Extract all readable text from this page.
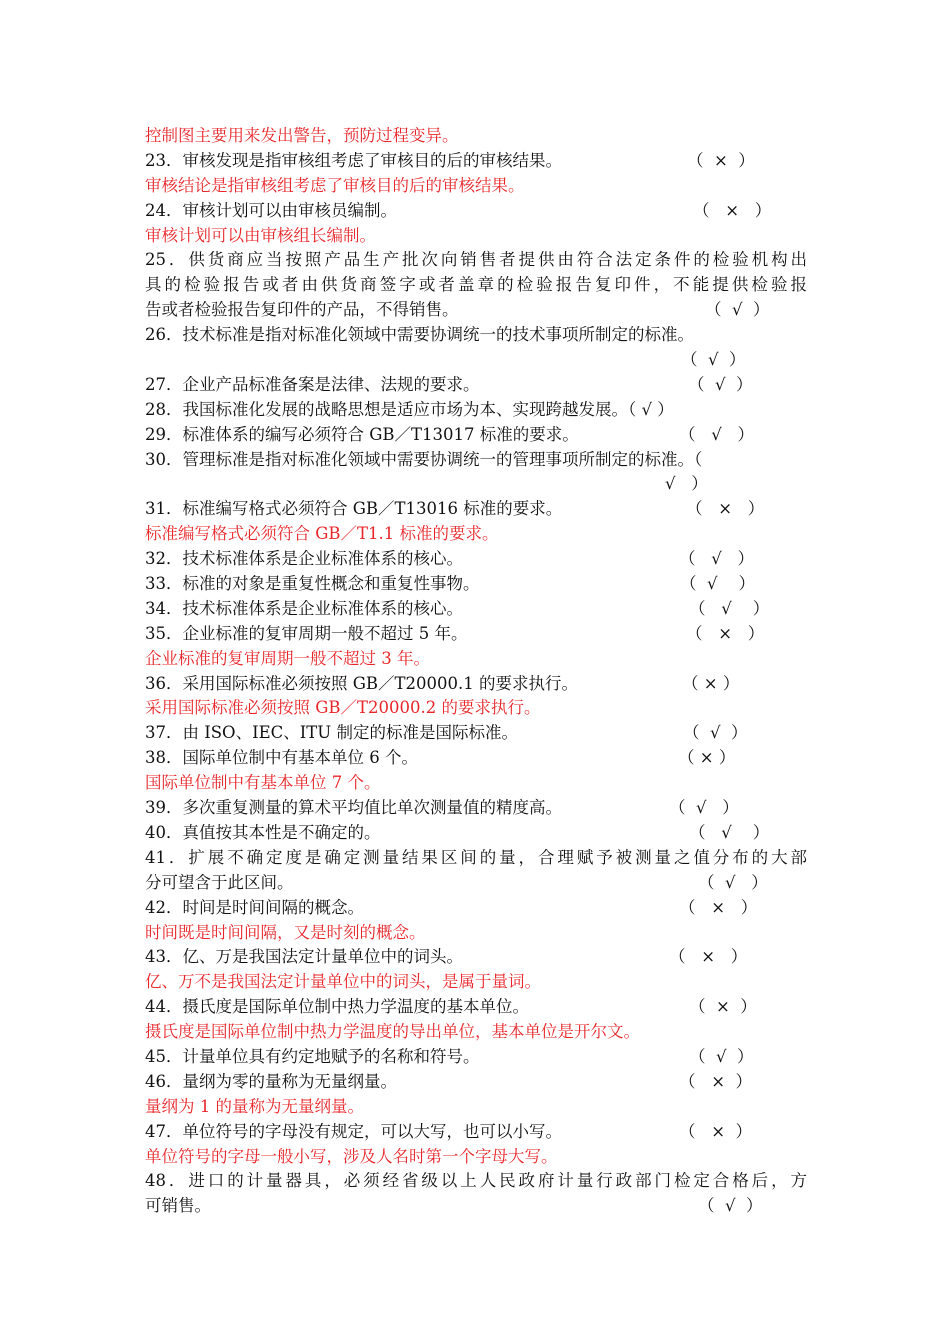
控制图主要用来发出警告，预防过程变异。
23．审核发现是指审核组考虑了审核目的后的审核结果。	（  ×  ）
审核结论是指审核组考虑了审核目的后的审核结果。
24．审核计划可以由审核员编制。	（   ×   ）
审核计划可以由审核组长编制。
25．供货商应当按照产品生产批次向销售者提供由符合法定条件的检验机构出
具的检验报告或者由供货商签字或者盖章的检验报告复印件，不能提供检验报
告或者检验报告复印件的产品，不得销售。	（  √  ）
26．技术标准是指对标准化领域中需要协调统一的技术事项所制定的标准。
（  √  ）
27．企业产品标准备案是法律、法规的要求。	（  √  ）
28．我国标准化发展的战略思想是适应市场为本、实现跨越发展。（ √ ）
29．标准体系的编写必须符合 GB／T13017 标准的要求。	（   √   ）
30．管理标准是指对标准化领域中需要协调统一的管理事项所制定的标准。（
√   ）
31．标准编写格式必须符合 GB／T13016 标准的要求。	（   ×   ）
标准编写格式必须符合 GB／T1.1 标准的要求。
32．技术标准体系是企业标准体系的核心。	（   √   ）
33．标准的对象是重复性概念和重复性事物。	（  √    ）
34．技术标准体系是企业标准体系的核心。	（   √    ）
35．企业标准的复审周期一般不超过 5 年。	（   ×   ）
企业标准的复审周期一般不超过 3 年。
36．采用国际标准必须按照 GB／T20000.1 的要求执行。	（ × ）
采用国际标准必须按照 GB／T20000.2 的要求执行。
37．由 ISO、IEC、ITU 制定的标准是国际标准。	（  √  ）
38．国际单位制中有基本单位 6 个。	（ × ）
国际单位制中有基本单位 7 个。
39．多次重复测量的算术平均值比单次测量值的精度高。	（  √   ）
40．真值按其本性是不确定的。	（   √    ）
41．扩展不确定度是确定测量结果区间的量，合理赋予被测量之值分布的大部
分可望含于此区间。	（  √   ）
42．时间是时间间隔的概念。	（   ×   ）
时间既是时间间隔，又是时刻的概念。
43．亿、万是我国法定计量单位中的词头。	（   ×   ）
亿、万不是我国法定计量单位中的词头，是属于量词。
44．摄氏度是国际单位制中热力学温度的基本单位。	（  ×  ）
摄氏度是国际单位制中热力学温度的导出单位，基本单位是开尔文。
45．计量单位具有约定地赋予的名称和符号。	（  √  ）
46．量纲为零的量称为无量纲量。	（   ×  ）
量纲为 1 的量称为无量纲量。
47．单位符号的字母没有规定，可以大写，也可以小写。	（   ×  ）
单位符号的字母一般小写，涉及人名时第一个字母大写。
48．进口的计量器具，必须经省级以上人民政府计量行政部门检定合格后，方
可销售。	（  √  ）
